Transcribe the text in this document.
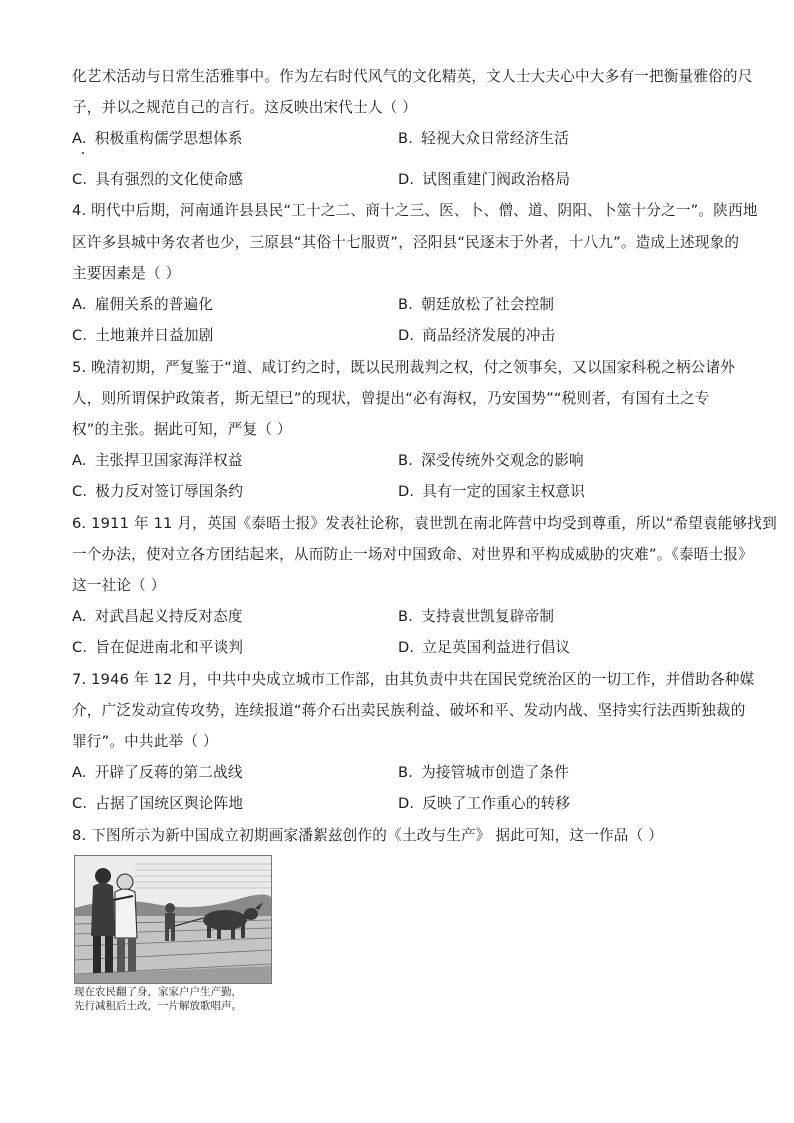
化艺术活动与日常生活雅事中。作为左右时代风气的文化精英，文人士大夫心中大多有一把衡量雅俗的尺
子，并以之规范自己的言行。这反映出宋代士人（ ）
A. 积极重构儒学思想体系	B. 轻视大众日常经济生活
C. 具有强烈的文化使命感	D. 试图重建门阀政治格局
4. 明代中后期，河南通许县县民“工十之二、商十之三、医、卜、僧、道、阴阳、卜筮十分之一”。陕西地
区许多县城中务农者也少，三原县“其俗十七服贾”，泾阳县“民逐末于外者，十八九”。造成上述现象的
主要因素是（ ）
A. 雇佣关系的普遍化	B. 朝廷放松了社会控制
C. 土地兼并日益加剧	D. 商品经济发展的冲击
5. 晚清初期，严复鉴于“道、咸订约之时，既以民刑裁判之权，付之领事矣，又以国家科税之柄公诸外
人，则所谓保护政策者，斯无望已”的现状，曾提出“必有海权，乃安国势”“税则者，有国有土之专
权”的主张。据此可知，严复（ ）
A. 主张捍卫国家海洋权益	B. 深受传统外交观念的影响
C. 极力反对签订辱国条约	D. 具有一定的国家主权意识
6. 1911 年 11 月，英国《泰晤士报》发表社论称，袁世凯在南北阵营中均受到尊重，所以“希望袁能够找到
一个办法，使对立各方团结起来，从而防止一场对中国致命、对世界和平构成威胁的灾难”。《泰晤士报》
这一社论（ ）
A. 对武昌起义持反对态度	B. 支持袁世凯复辟帝制
C. 旨在促进南北和平谈判	D. 立足英国利益进行倡议
7. 1946 年 12 月，中共中央成立城市工作部，由其负责中共在国民党统治区的一切工作，并借助各种媒
介，广泛发动宣传攻势，连续报道“蒋介石出卖民族利益、破坏和平、发动内战、坚持实行法西斯独裁的
罪行”。中共此举（ ）
A. 开辟了反蒋的第二战线	B. 为接管城市创造了条件
C. 占据了国统区舆论阵地	D. 反映了工作重心的转移
8. 下图所示为新中国成立初期画家潘絮兹创作的《土改与生产》 据此可知，这一作品（ ）
现在农民翻了身，家家户户生产勤，
先行减租后土改，一片解放歌唱声。
